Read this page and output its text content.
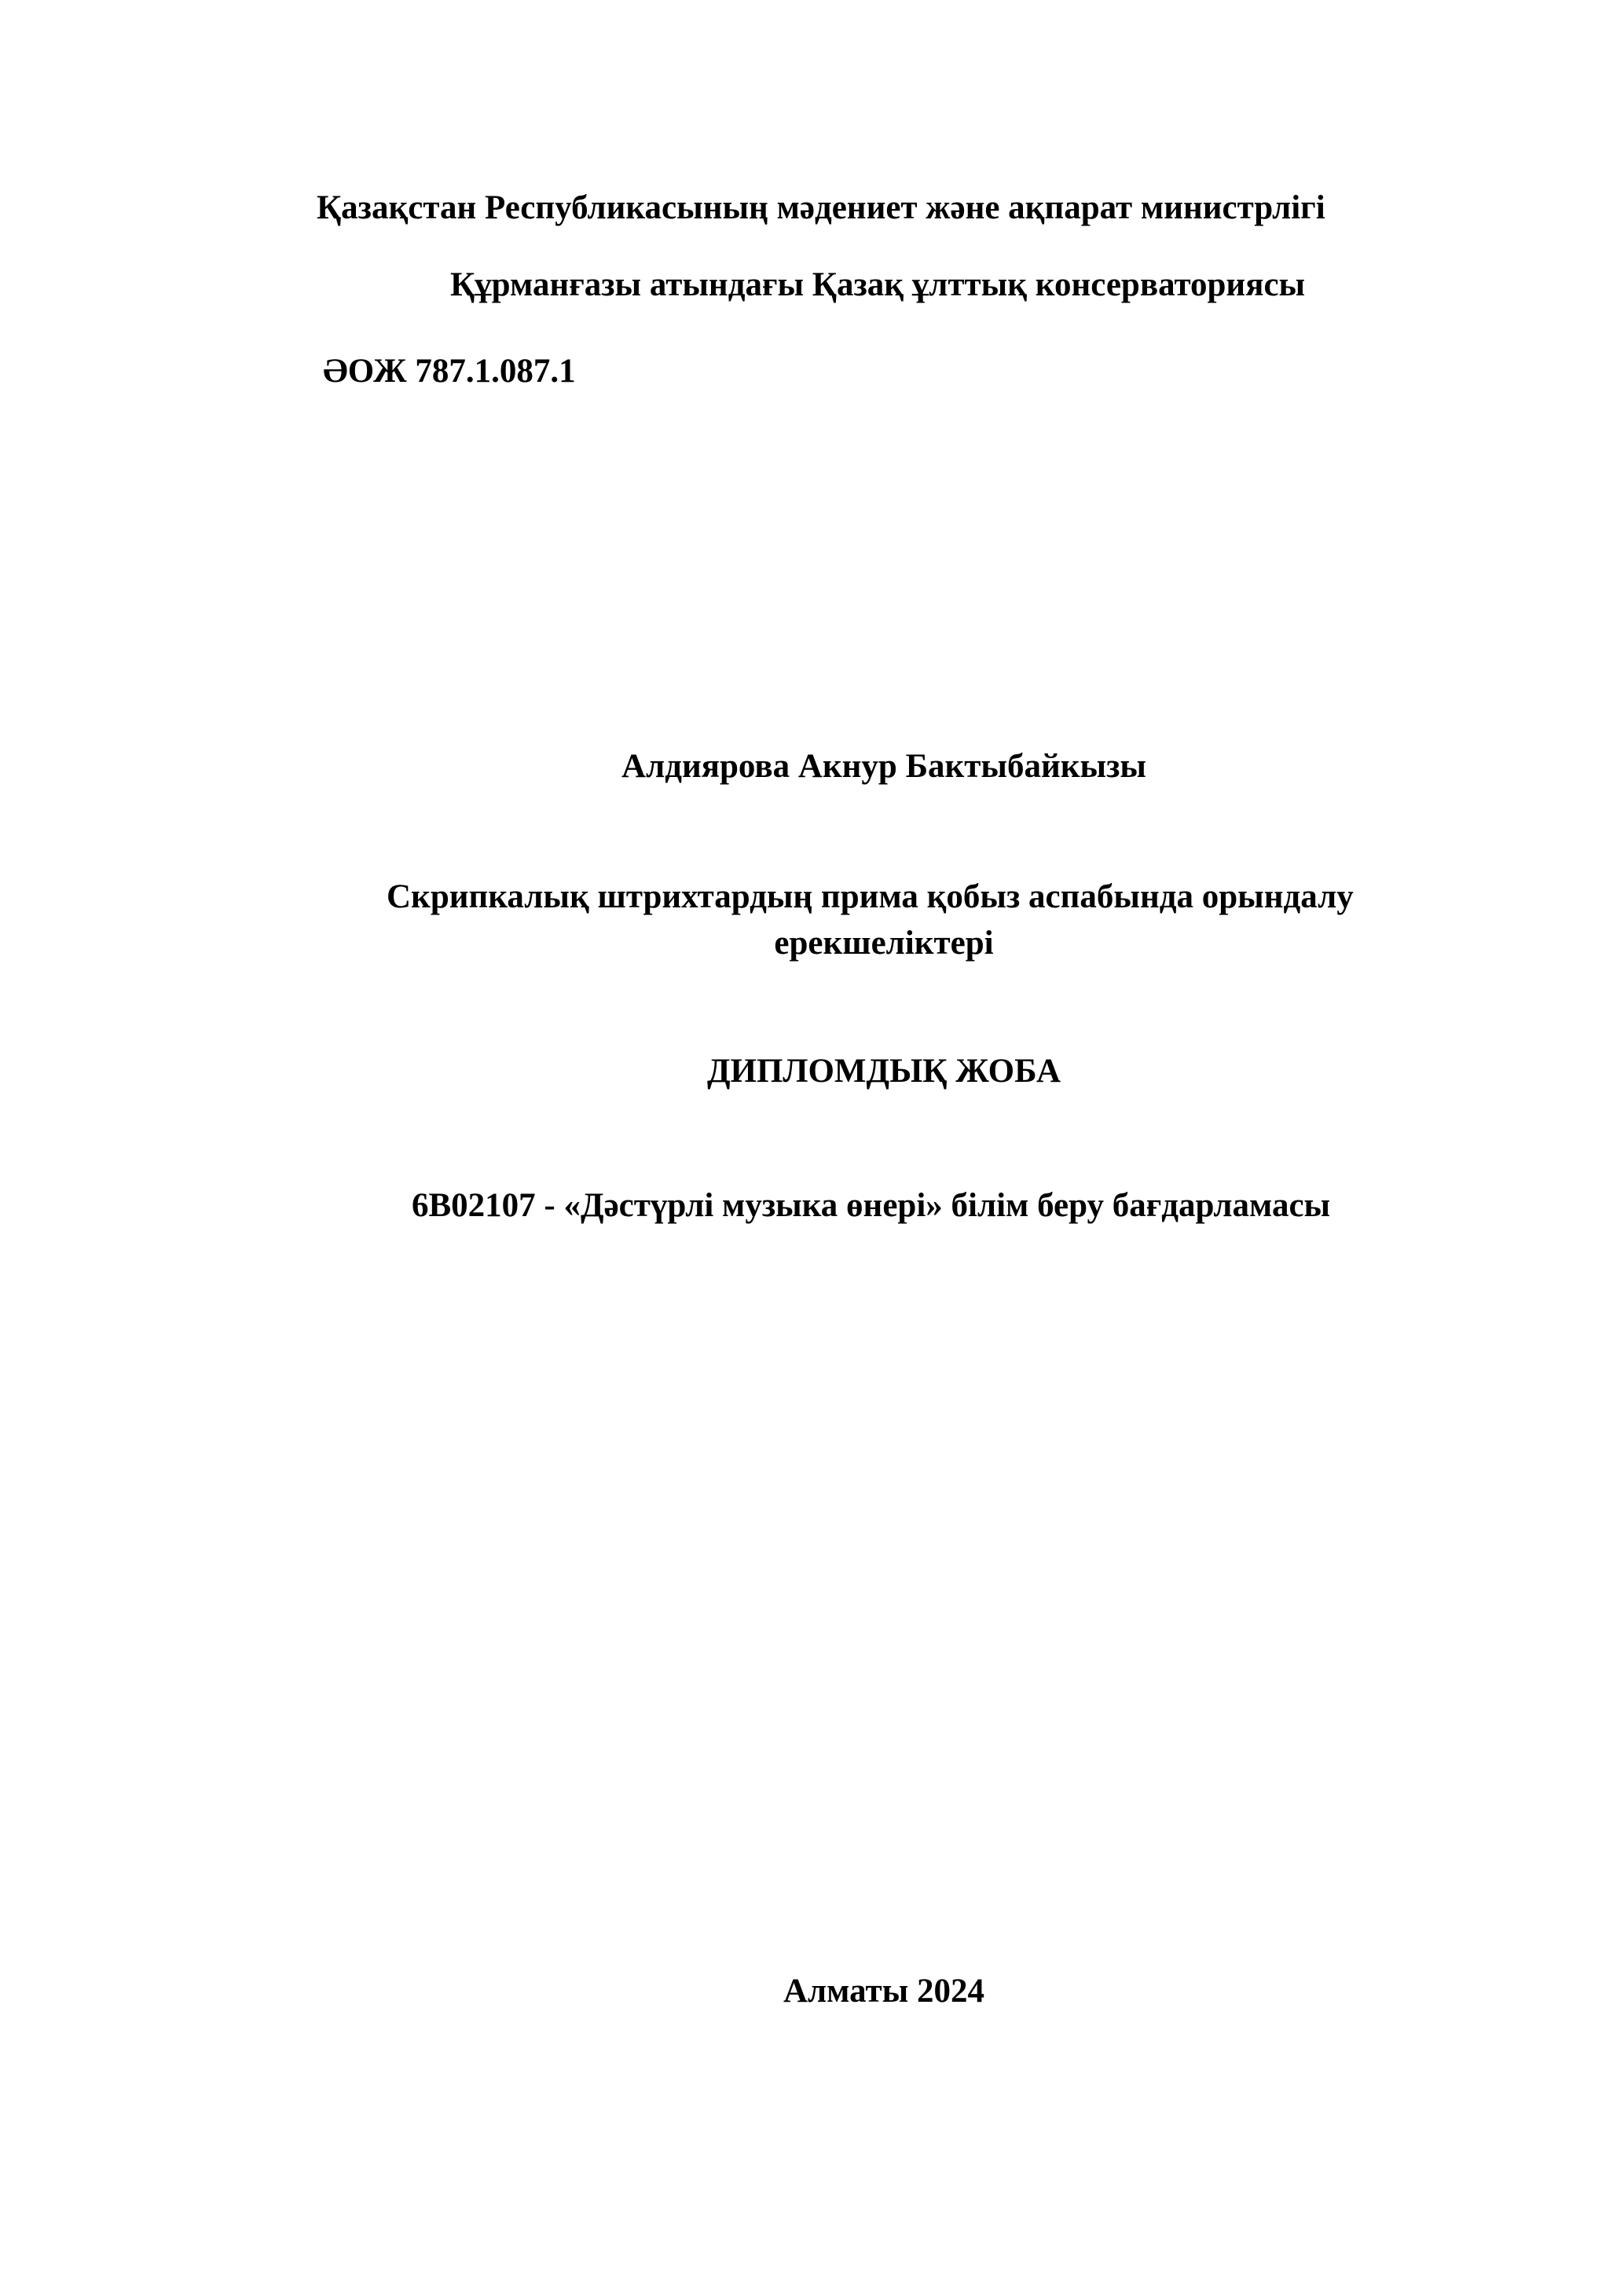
Қазақстан Республикасының мәдениет және ақпарат министрлігі
Құрманғазы атындағы Қазақ ұлттық консерваториясы
ӘОЖ 787.1.087.1
Алдиярова Акнур Бактыбайкызы
Скрипкалық штрихтардың прима қобыз аспабында орындалу
ерекшеліктері
ДИПЛОМДЫҚ ЖОБА
6В02107 - «Дәстүрлі музыка өнері» білім беру бағдарламасы
Алматы 2024
